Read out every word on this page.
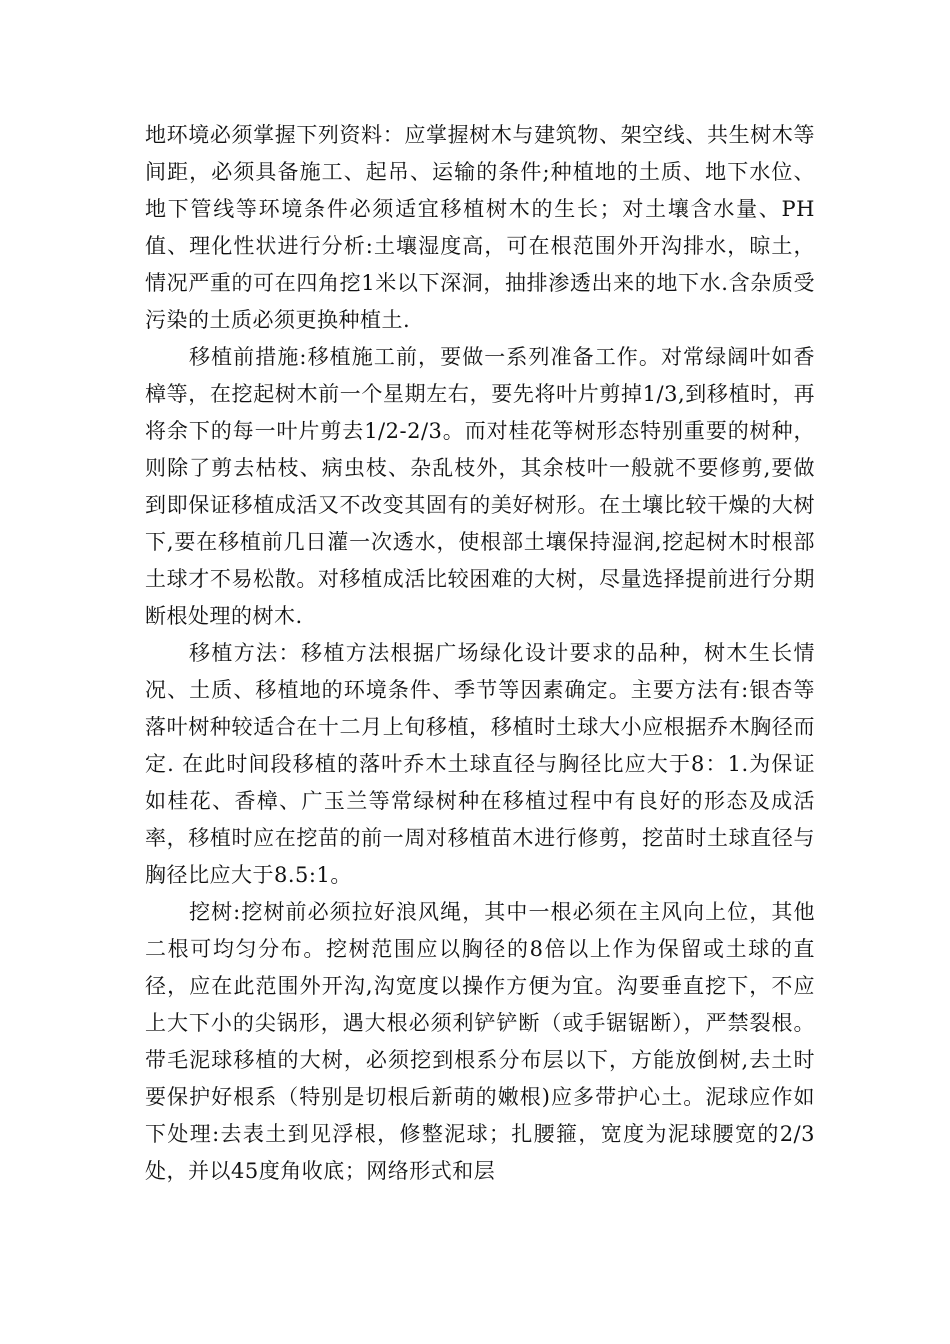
地环境必须掌握下列资料：应掌握树木与建筑物、架空线、共生树木等间距，必须具备施工、起吊、运输的条件;种植地的土质、地下水位、地下管线等环境条件必须适宜移植树木的生长；对土壤含水量、PH值、理化性状进行分析:土壤湿度高，可在根范围外开沟排水，晾土，情况严重的可在四角挖1米以下深洞，抽排渗透出来的地下水.含杂质受污染的土质必须更换种植土.

移植前措施:移植施工前，要做一系列准备工作。对常绿阔叶如香樟等，在挖起树木前一个星期左右，要先将叶片剪掉1/3,到移植时，再将余下的每一叶片剪去1/2-2/3。而对桂花等树形态特别重要的树种，则除了剪去枯枝、病虫枝、杂乱枝外，其余枝叶一般就不要修剪,要做到即保证移植成活又不改变其固有的美好树形。在土壤比较干燥的大树下,要在移植前几日灌一次透水，使根部土壤保持湿润,挖起树木时根部土球才不易松散。对移植成活比较困难的大树，尽量选择提前进行分期断根处理的树木.

移植方法：移植方法根据广场绿化设计要求的品种，树木生长情况、土质、移植地的环境条件、季节等因素确定。主要方法有:银杏等落叶树种较适合在十二月上旬移植，移植时土球大小应根据乔木胸径而定. 在此时间段移植的落叶乔木土球直径与胸径比应大于8：1.为保证如桂花、香樟、广玉兰等常绿树种在移植过程中有良好的形态及成活率，移植时应在挖苗的前一周对移植苗木进行修剪，挖苗时土球直径与胸径比应大于8.5:1。

挖树:挖树前必须拉好浪风绳，其中一根必须在主风向上位，其他二根可均匀分布。挖树范围应以胸径的8倍以上作为保留或土球的直径，应在此范围外开沟,沟宽度以操作方便为宜。沟要垂直挖下，不应上大下小的尖锅形，遇大根必须利铲铲断（或手锯锯断），严禁裂根。带毛泥球移植的大树，必须挖到根系分布层以下，方能放倒树,去土时要保护好根系（特别是切根后新萌的嫩根)应多带护心土。泥球应作如下处理:去表土到见浮根，修整泥球；扎腰箍，宽度为泥球腰宽的2/3处，并以45度角收底；网络形式和层
